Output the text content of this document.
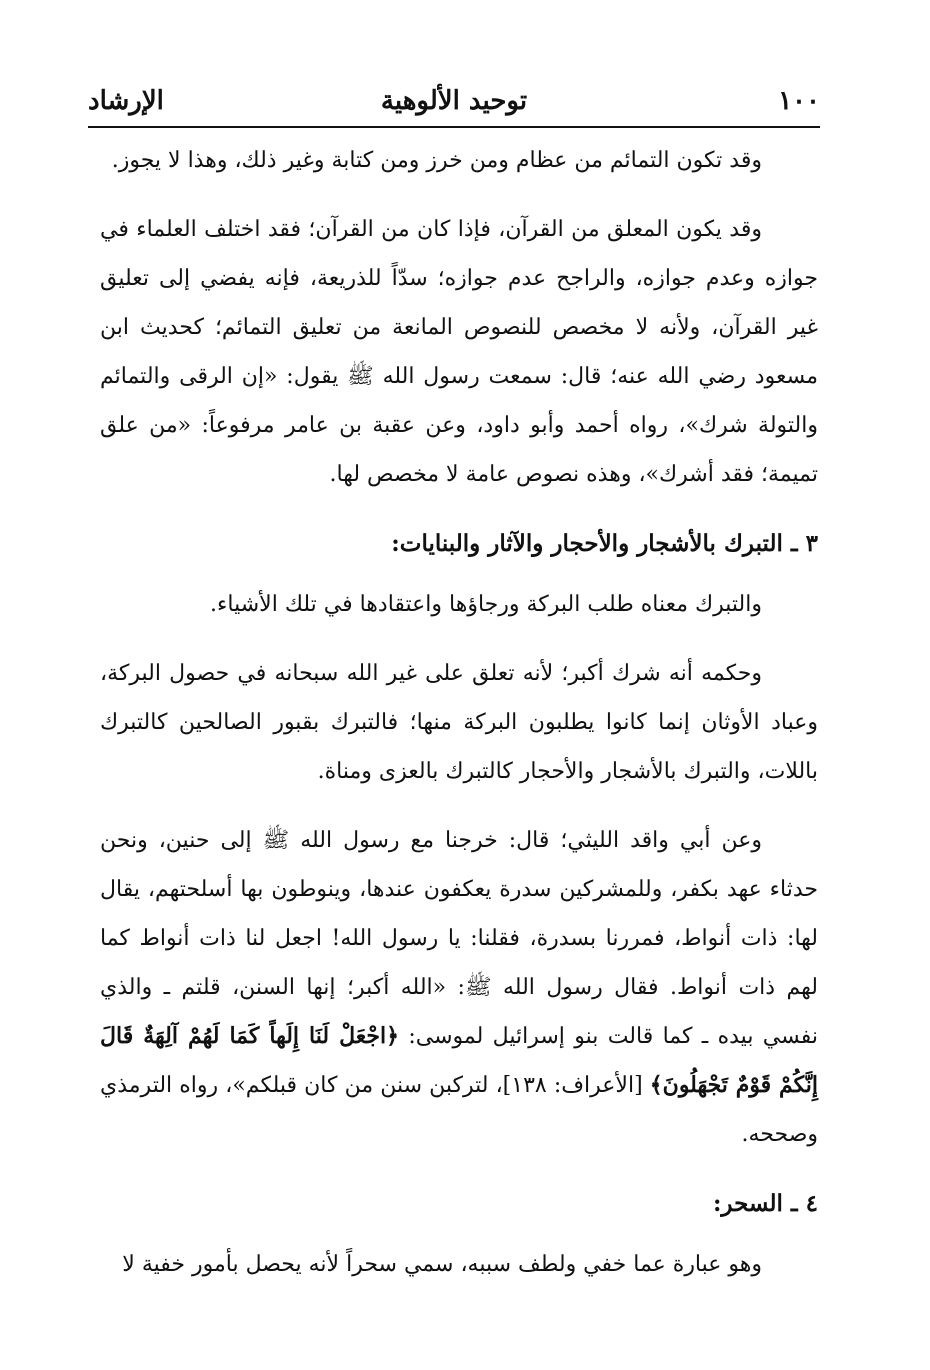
١٠٠
توحيد الألوهية
الإرشاد

وقد تكون التمائم من عظام ومن خرز ومن كتابة وغير ذلك، وهذا لا يجوز.

وقد يكون المعلق من القرآن، فإذا كان من القرآن؛ فقد اختلف العلماء في جوازه وعدم جوازه، والراجح عدم جوازه؛ سدّاً للذريعة، فإنه يفضي إلى تعليق غير القرآن، ولأنه لا مخصص للنصوص المانعة من تعليق التمائم؛ كحديث ابن مسعود رضي الله عنه؛ قال: سمعت رسول الله ﷺ يقول: «إن الرقى والتمائم والتولة شرك»، رواه أحمد وأبو داود، وعن عقبة بن عامر مرفوعاً: «من علق تميمة؛ فقد أشرك»، وهذه نصوص عامة لا مخصص لها.

٣ ـ التبرك بالأشجار والأحجار والآثار والبنايات:

والتبرك معناه طلب البركة ورجاؤها واعتقادها في تلك الأشياء.

وحكمه أنه شرك أكبر؛ لأنه تعلق على غير الله سبحانه في حصول البركة، وعباد الأوثان إنما كانوا يطلبون البركة منها؛ فالتبرك بقبور الصالحين كالتبرك باللات، والتبرك بالأشجار والأحجار كالتبرك بالعزى ومناة.

وعن أبي واقد الليثي؛ قال: خرجنا مع رسول الله ﷺ إلى حنين، ونحن حدثاء عهد بكفر، وللمشركين سدرة يعكفون عندها، وينوطون بها أسلحتهم، يقال لها: ذات أنواط، فمررنا بسدرة، فقلنا: يا رسول الله! اجعل لنا ذات أنواط كما لهم ذات أنواط. فقال رسول الله ﷺ: «الله أكبر؛ إنها السنن، قلتم ـ والذي نفسي بيده ـ كما قالت بنو إسرائيل لموسى: ﴿اجْعَلْ لَنَا إِلَهاً كَمَا لَهُمْ آلِهَةٌ قَالَ إِنَّكُمْ قَوْمٌ تَجْهَلُونَ﴾ [الأعراف: ١٣٨]، لتركبن سنن من كان قبلكم»، رواه الترمذي وصححه.

٤ ـ السحر:

وهو عبارة عما خفي ولطف سببه، سمي سحراً لأنه يحصل بأمور خفية لا
